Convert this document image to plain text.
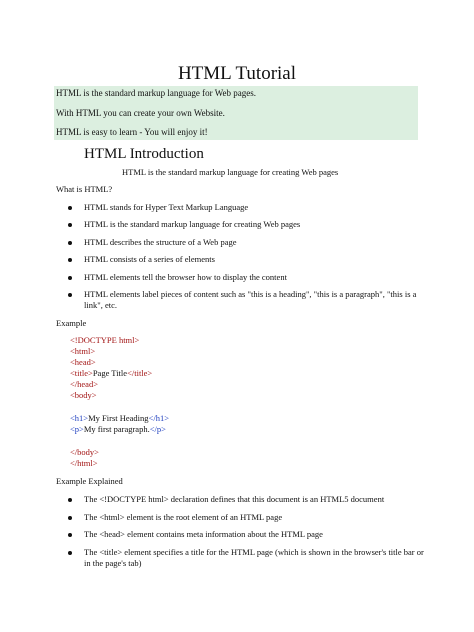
HTML Tutorial
HTML is the standard markup language for Web pages.
With HTML you can create your own Website.
HTML is easy to learn - You will enjoy it!
HTML Introduction
HTML is the standard markup language for creating Web pages
What is HTML?
HTML stands for Hyper Text Markup Language
HTML is the standard markup language for creating Web pages
HTML describes the structure of a Web page
HTML consists of a series of elements
HTML elements tell the browser how to display the content
HTML elements label pieces of content such as "this is a heading", "this is a paragraph", "this is a link", etc.
Example
<!DOCTYPE html>
<html>
<head>
<title>Page Title</title>
</head>
<body>
<h1>My First Heading</h1>
<p>My first paragraph.</p>
</body>
</html>
Example Explained
The <!DOCTYPE html> declaration defines that this document is an HTML5 document
The <html> element is the root element of an HTML page
The <head> element contains meta information about the HTML page
The <title> element specifies a title for the HTML page (which is shown in the browser's title bar or in the page's tab)
